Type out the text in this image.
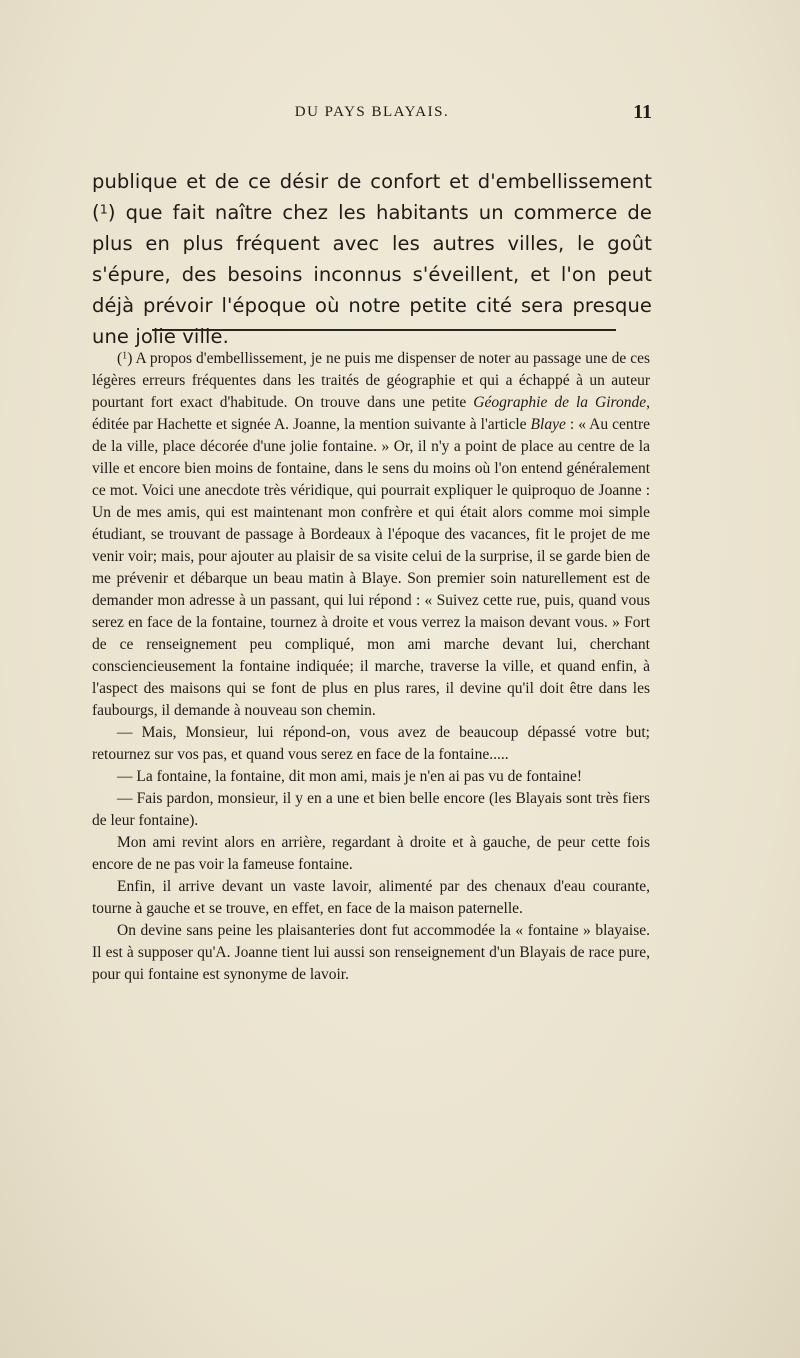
DU PAYS BLAYAIS.	11

publique et de ce désir de confort et d'embellissement ($^1$) que fait naître chez les habitants un commerce de plus en plus fréquent avec les autres villes, le goût s'épure, des besoins inconnus s'éveillent, et l'on peut déjà prévoir l'époque où notre petite cité sera presque une jolie ville.

($^1$) A propos d'embellissement, je ne puis me dispenser de noter au passage une de ces légères erreurs fréquentes dans les traités de géographie et qui a échappé à un auteur pourtant fort exact d'habitude. On trouve dans une petite Géographie de la Gironde, éditée par Hachette et signée A. Joanne, la mention suivante à l'article Blaye : « Au centre de la ville, place décorée d'une jolie fontaine. » Or, il n'y a point de place au centre de la ville et encore bien moins de fontaine, dans le sens du moins où l'on entend généralement ce mot. Voici une anecdote très véridique, qui pourrait expliquer le quiproquo de Joanne : Un de mes amis, qui est maintenant mon confrère et qui était alors comme moi simple étudiant, se trouvant de passage à Bordeaux à l'époque des vacances, fit le projet de me venir voir; mais, pour ajouter au plaisir de sa visite celui de la surprise, il se garde bien de me prévenir et débarque un beau matin à Blaye. Son premier soin naturellement est de demander mon adresse à un passant, qui lui répond : « Suivez cette rue, puis, quand vous serez en face de la fontaine, tournez à droite et vous verrez la maison devant vous. » Fort de ce renseignement peu compliqué, mon ami marche devant lui, cherchant consciencieusement la fontaine indiquée; il marche, traverse la ville, et quand enfin, à l'aspect des maisons qui se font de plus en plus rares, il devine qu'il doit être dans les faubourgs, il demande à nouveau son chemin.

— Mais, Monsieur, lui répond-on, vous avez de beaucoup dépassé votre but; retournez sur vos pas, et quand vous serez en face de la fontaine.....

— La fontaine, la fontaine, dit mon ami, mais je n'en ai pas vu de fontaine!

— Fais pardon, monsieur, il y en a une et bien belle encore (les Blayais sont très fiers de leur fontaine).

Mon ami revint alors en arrière, regardant à droite et à gauche, de peur cette fois encore de ne pas voir la fameuse fontaine.

Enfin, il arrive devant un vaste lavoir, alimenté par des chenaux d'eau courante, tourne à gauche et se trouve, en effet, en face de la maison paternelle.

On devine sans peine les plaisanteries dont fut accommodée la « fontaine » blayaise. Il est à supposer qu'A. Joanne tient lui aussi son renseignement d'un Blayais de race pure, pour qui fontaine est synonyme de lavoir.
